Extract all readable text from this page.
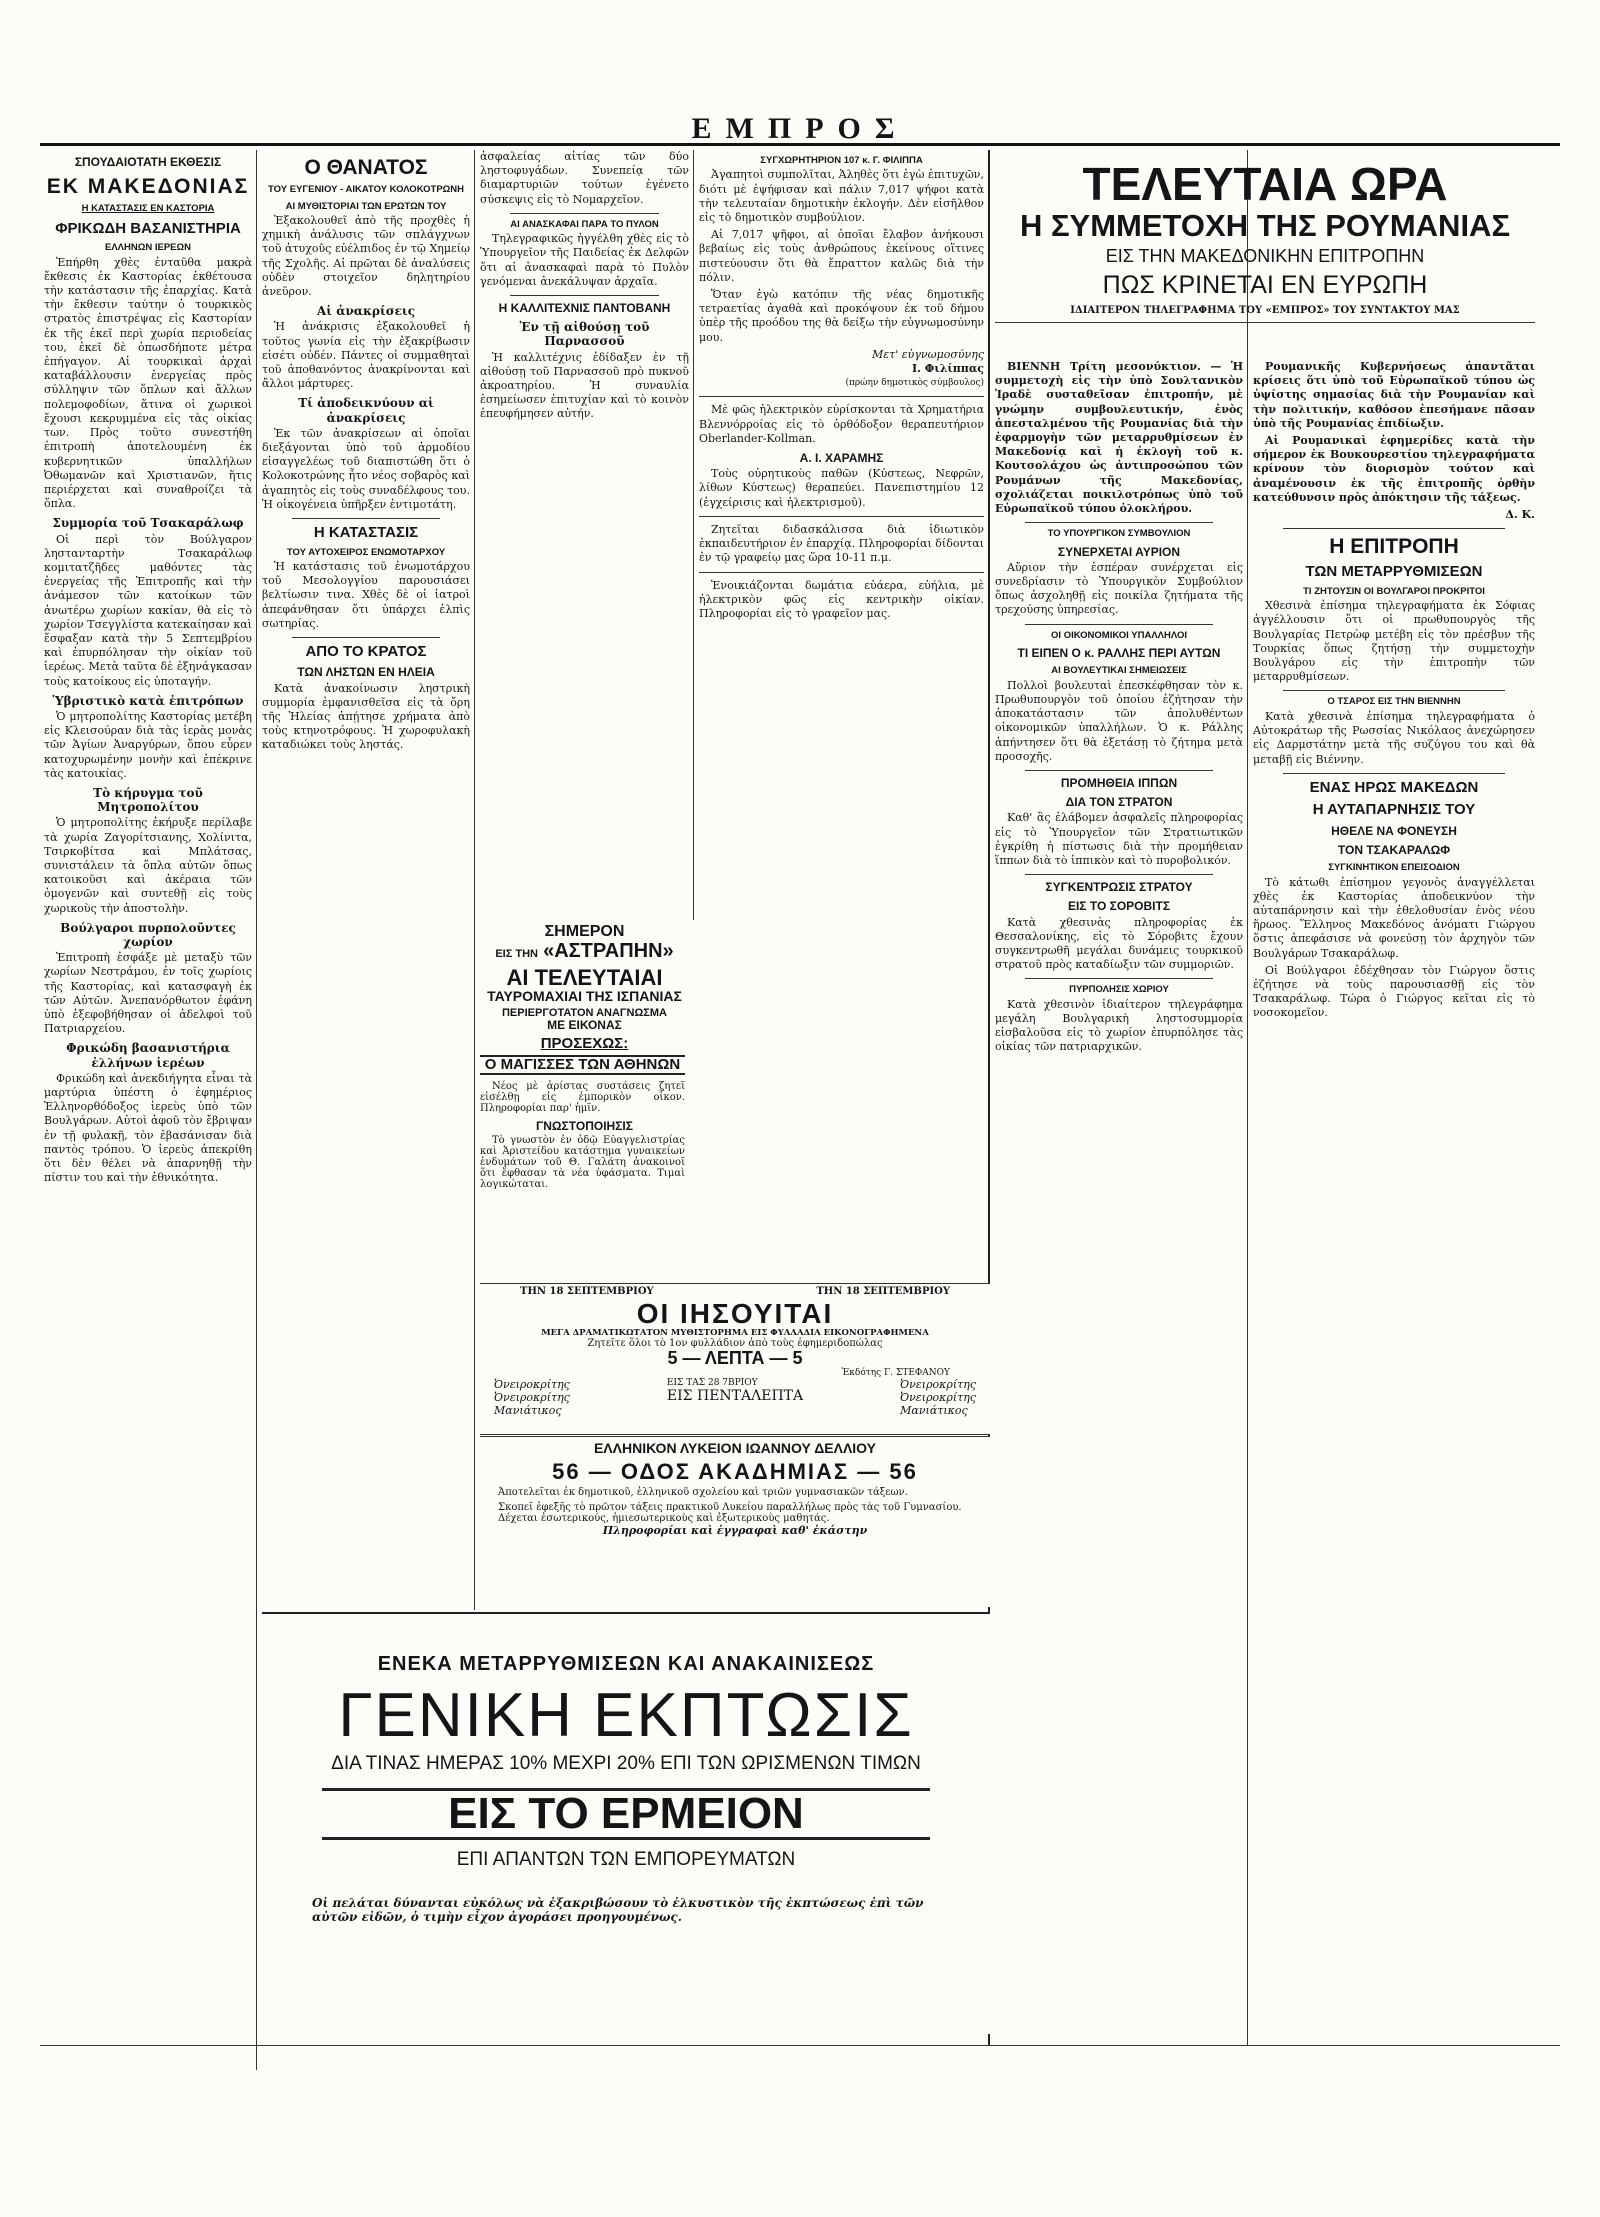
ΕΜΠΡΟΣ
ΣΠΟΥΔΑΙΟΤΑΤΗ ΕΚΘΕΣΙΣ
ΕΚ ΜΑΚΕΔΟΝΙΑΣ
Η ΚΑΤΑΣΤΑΣΙΣ ΕΝ ΚΑΣΤΟΡΙΑ
ΦΡΙΚΩΔΗ ΒΑΣΑΝΙΣΤΗΡΙΑ
ΕΛΛΗΝΩΝ ΙΕΡΕΩΝ

Ἐπήρθη χθὲς ἐνταῦθα μακρὰ ἔκθεσις ἐκ Καστορίας ἐκθέτουσα τὴν κατάστασιν τῆς ἐπαρχίας. Κατὰ τὴν ἔκθεσιν ταύτην ὁ τουρκικὸς στρατὸς ἐπιστρέψας εἰς Καστορίαν ἐκ τῆς ἐκεῖ περὶ χωρία περιοδείας του, ἐκεῖ δὲ ὁπωσδήποτε μέτρα ἐπήγαγον. Αἱ τουρκικαὶ ἀρχαὶ καταβάλλουσιν ἐνεργείας πρὸς σύλληψιν τῶν ὅπλων καὶ ἄλλων πολεμοφοδίων, ἅτινα οἱ χωρικοὶ ἔχουσι κεκρυμμένα εἰς τὰς οἰκίας των. Πρὸς τοῦτο συνεστήθη ἐπιτροπὴ ἀποτελουμένη ἐκ κυβερνητικῶν ὑπαλλήλων Ὀθωμανῶν καὶ Χριστιανῶν, ἥτις περιέρχεται καὶ συναθροίζει τὰ ὅπλα.

Συμμορία τοῦ Τσακαράλωφ

Οἱ περὶ τὸν Βούλγαρον ληστανταρτὴν Τσακαράλωφ κομιτατζῆδες μαθόντες τὰς ἐνεργείας τῆς Ἐπιτροπῆς καὶ τὴν ἀνάμεσον τῶν κατοίκων τῶν ἀνωτέρω χωρίων κακίαν, θὰ εἰς τὸ χωρίον Τσεγγλίστα κατεκαίησαν καὶ ἔσφαξαν κατὰ τὴν 5 Σεπτεμβρίου καὶ ἐπυρπόλησαν τὴν οἰκίαν τοῦ ἱερέως. Μετὰ ταῦτα δὲ ἐξηνάγκασαν τοὺς κατοίκους εἰς ὑποταγήν.

Ὑβριστικὸ κατὰ ἐπιτρόπων

Ὁ μητροπολίτης Καστορίας μετέβη εἰς Κλεισούραν διὰ τὰς ἱερὰς μονὰς τῶν Ἁγίων Ἀναργύρων, ὅπου εὗρεν κατοχυρωμένην μονὴν καὶ ἐπέκρινε τὰς κατοικίας.

Τὸ κήρυγμα τοῦ Μητροπολίτου

Ὁ μητροπολίτης ἐκήρυξε περίλαβε τὰ χωρία Ζαγορίτσιανης, Χολίνιτα, Τσιρκοβίτσα καὶ Μπλάτσας, συνιστάλειν τὰ ὅπλα αὐτῶν ὅπως κατοικοῦσι καὶ ἀκέραια τῶν ὁμογενῶν καὶ συντεθῇ εἰς τοὺς χωρικοὺς τὴν ἀποστολὴν.

Βούλγαροι πυρπολοῦντες χωρίον

Ἐπιτροπὴ ἐσφάξε μὲ μεταξὺ τῶν χωρίων Νεστράμου, ἐν τοῖς χωρίοις τῆς Καστορίας, καὶ κατασφαγὴ ἐκ τῶν Αὐτῶν. Ἀνεπανόρθωτον ἐφάνη ὑπὸ ἐξεφοβήθησαν οἱ ἀδελφοὶ τοῦ Πατριαρχείου.

Φρικώδη βασανιστήρια ἐλλήνων ἱερέων

Φρικώδη καὶ ἀνεκδιήγητα εἶναι τὰ μαρτύρια ὑπέστη ὁ ἐφημέριος Ἑλληνορθόδοξος ἱερεὺς ὑπὸ τῶν Βουλγάρων. Αὐτοὶ ἀφοῦ τὸν ἔβριψαν ἐν τῇ φυλακῇ, τὸν ἐβασάνισαν διὰ παντὸς τρόπου. Ὁ ἱερεὺς ἀπεκρίθη ὅτι δὲν θέλει νὰ ἀπαρνηθῇ τὴν πίστιν του καὶ τὴν ἐθνικότητα.

Ο ΘΑΝΑΤΟΣ
ΤΟΥ ΕΥΓΕΝΙΟΥ - ΑΙΚΑΤΟΥ ΚΟΛΟΚΟΤΡΩΝΗ
ΑΙ ΜΥΘΙΣΤΟΡΙΑΙ ΤΩΝ ΕΡΩΤΩΝ ΤΟΥ

Ἐξακολουθεῖ ἀπὸ τῆς προχθὲς ἡ χημικὴ ἀνάλυσις τῶν σπλάγχνων τοῦ ἀτυχοῦς εὐέλπιδος ἐν τῷ Χημείῳ τῆς Σχολῆς. Αἱ πρῶται δὲ ἀναλύσεις οὐδὲν στοιχεῖον δηλητηρίου ἀνεῦρον.

Αἱ ἀνακρίσεις

Ἡ ἀνάκρισις ἐξακολουθεῖ ἡ τοῦτος γωνία εἰς τὴν ἐξακρίβωσιν εἰσέτι οὐδέν. Πάντες οἱ συμμαθηταὶ τοῦ ἀποθανόντος ἀνακρίνονται καὶ ἄλλοι μάρτυρες.

Τί ἀποδεικνύουν αἱ ἀνακρίσεις

Ἐκ τῶν ἀνακρίσεων αἱ ὁποῖαι διεξάγονται ὑπὸ τοῦ ἀρμοδίου εἰσαγγελέως τοῦ διαπιστώθη ὅτι ὁ Κολοκοτρώνης ἦτο νέος σοβαρὸς καὶ ἀγαπητὸς εἰς τοὺς συναδέλφους του. Ἡ οἰκογένεια ὑπῆρξεν ἐντιμοτάτη.

Η ΚΑΤΑΣΤΑΣΙΣ
ΤΟΥ ΑΥΤΟΧΕΙΡΟΣ ΕΝΩΜΟΤΑΡΧΟΥ

Ἡ κατάστασις τοῦ ἐνωμοτάρχου τοῦ Μεσολογγίου παρουσιάσει βελτίωσιν τινα. Χθὲς δὲ οἱ ἰατροὶ ἀπεφάνθησαν ὅτι ὑπάρχει ἐλπὶς σωτηρίας.

ΑΠΟ ΤΟ ΚΡΑΤΟΣ
ΤΩΝ ΛΗΣΤΩΝ ΕΝ ΗΛΕΙΑ

Κατὰ ἀνακοίνωσιν ληστρικὴ συμμορία ἐμφανισθεῖσα εἰς τὰ ὄρη τῆς Ἠλείας ἀπῄτησε χρήματα ἀπὸ τοὺς κτηνοτρόφους. Ἡ χωροφυλακὴ καταδιώκει τοὺς ληστάς.

ἀσφαλείας αἰτίας τῶν δύο ληστοφυγάδων. Συνεπείᾳ τῶν διαμαρτυριῶν τούτων ἐγένετο σύσκεψις εἰς τὸ Νομαρχεῖον.

ΑΙ ΑΝΑΣΚΑΦΑΙ ΠΑΡΑ ΤΟ ΠΥΛΟΝ

Τηλεγραφικῶς ἠγγέλθη χθὲς εἰς τὸ Ὑπουργεῖον τῆς Παιδείας ἐκ Δελφῶν ὅτι αἱ ἀνασκαφαὶ παρὰ τὸ Πυλὸν γενόμεναι ἀνεκάλυψαν ἀρχαῖα.

Η ΚΑΛΛΙΤΕΧΝΙΣ ΠΑΝΤΟΒΑΝΗ
Ἐν τῇ αἰθούσῃ τοῦ Παρνασσοῦ

Ἡ καλλιτέχνις ἐδίδαξεν ἐν τῇ αἰθούσῃ τοῦ Παρνασσοῦ πρὸ πυκνοῦ ἀκροατηρίου. Ἡ συναυλία ἐσημείωσεν ἐπιτυχίαν καὶ τὸ κοινὸν ἐπευφήμησεν αὐτήν.

ΣΥΓΧΩΡΗΤΗΡΙΟΝ 107 κ. Γ. ΦΙΛΙΠΠΑ

Ἀγαπητοὶ συμπολῖται, Ἀληθὲς ὅτι ἐγὼ ἐπιτυχῶν, διότι μὲ ἐψήφισαν καὶ πάλιν 7,017 ψήφοι κατὰ τὴν τελευταίαν δημοτικὴν ἐκλογήν. Δὲν εἰσῆλθον εἰς τὸ δημοτικὸν συμβούλιον.

Αἱ 7,017 ψῆφοι, αἱ ὁποῖαι ἔλαβον ἀνήκουσι βεβαίως εἰς τοὺς ἀνθρώπους ἐκείνους οἵτινες πιστεύουσιν ὅτι θὰ ἔπραττον καλῶς διὰ τὴν πόλιν.

Ὅταν ἐγὼ κατόπιν τῆς νέας δημοτικῆς τετραετίας ἀγαθὰ καὶ προκόψουν ἐκ τοῦ δήμου ὑπὲρ τῆς προόδου της θὰ δείξω τὴν εὐγνωμοσύνην μου.

Μετ' εὐγνωμοσύνης
Ι. Φιλίππας
(πρώην δημοτικὸς σύμβουλος)

Μὲ φῶς ἠλεκτρικὸν εὐρίσκονται τὰ Χρηματήρια Βλεννόρροίας εἰς τὸ ὀρθόδοξον θεραπευτήριον Oberlander-Kollman.

Α. Ι. ΧΑΡΑΜΗΣ

Τοὺς οὐρητικοὺς παθῶν (Κύστεως, Νεφρῶν, λίθων Κύστεως) θεραπεύει. Πανεπιστημίου 12 (ἐγχείρισις καὶ ἠλεκτρισμοῦ).

Ζητεῖται διδασκάλισσα διὰ ἰδιωτικὸν ἐκπαιδευτήριον ἐν ἐπαρχίᾳ. Πληροφορίαι δίδονται ἐν τῷ γραφείῳ μας ὥρα 10-11 π.μ.

Ἐνοικιάζονται δωμάτια εὐάερα, εὐήλια, μὲ ἠλεκτρικὸν φῶς εἰς κεντρικὴν οἰκίαν. Πληροφορίαι εἰς τὸ γραφεῖον μας.

ΣΗΜΕΡΟΝ
ΕΙΣ ΤΗΝ «ΑΣΤΡΑΠΗΝ»
ΑΙ ΤΕΛΕΥΤΑΙΑΙ
ΤΑΥΡΟΜΑΧΙΑΙ ΤΗΣ ΙΣΠΑΝΙΑΣ
ΠΕΡΙΕΡΓΟΤΑΤΟΝ ΑΝΑΓΝΩΣΜΑ
ΜΕ ΕΙΚΟΝΑΣ
ΠΡΟΣΕΧΩΣ:
Ο ΜΑΓΙΣΣΕΣ ΤΩΝ ΑΘΗΝΩΝ

Νέος μὲ ἀρίστας συστάσεις ζητεῖ εἰσέλθῃ εἰς ἐμπορικὸν οἶκον. Πληροφορίαι παρ' ἡμῖν.

ΓΝΩΣΤΟΠΟΙΗΣΙΣ

Τὸ γνωστὸν ἐν ὁδῷ Εὐαγγελιστρίας καὶ Ἀριστείδου κατάστημα γυναικείων ἐνδυμάτων τοῦ Θ. Γαλάτη ἀνακοινοῖ ὅτι ἔφθασαν τὰ νέα ὑφάσματα. Τιμαὶ λογικώταται.

ΤΗΝ 18 ΣΕΠΤΕΜΒΡΙΟΥ	ΤΗΝ 18 ΣΕΠΤΕΜΒΡΙΟΥ
ΟΙ ΙΗΣΟΥΙΤΑΙ
ΜΕΓΑ ΔΡΑΜΑΤΙΚΩΤΑΤΟΝ ΜΥΘΙΣΤΟΡΗΜΑ ΕΙΣ ΦΥΛΛΑΔΙΑ ΕΙΚΟΝΟΓΡΑΦΗΜΕΝΑ
Ζητεῖτε ὅλοι τὸ 1ον φυλλάδιον ἀπὸ τοὺς ἐφημεριδοπώλας
5 — ΛΕΠΤΑ — 5
Ἐκδότης Γ. ΣΤΕΦΑΝΟΥ
Ὀνειροκρίτης
Ὀνειροκρίτης
Μανιάτικος
ΕΙΣ ΤΑΣ 28 7ΒΡΙΟΥ
ΕΙΣ ΠΕΝΤΑΛΕΠΤΑ
Ὀνειροκρίτης
Ὀνειροκρίτης
Μανιάτικος
ΕΛΛΗΝΙΚΟΝ ΛΥΚΕΙΟΝ ΙΩΑΝΝΟΥ ΔΕΛΛΙΟΥ
56 — ΟΔΟΣ ΑΚΑΔΗΜΙΑΣ — 56
Ἀποτελεῖται ἐκ δημοτικοῦ, ἑλληνικοῦ σχολείου καὶ τριῶν γυμνασιακῶν τάξεων.
Σκοπεῖ ἐφεξῆς τὸ πρῶτον τάξεις πρακτικοῦ Λυκείου παραλλήλως πρὸς τὰς τοῦ Γυμνασίου.
Δέχεται ἐσωτερικούς, ἡμιεσωτερικοὺς καὶ ἐξωτερικοὺς μαθητάς.
Πληροφορίαι καὶ ἐγγραφαὶ καθ' ἑκάστην
ΕΝΕΚΑ ΜΕΤΑΡΡΥΘΜΙΣΕΩΝ ΚΑΙ ΑΝΑΚΑΙΝΙΣΕΩΣ
ΓΕΝΙΚΗ ΕΚΠΤΩΣΙΣ
ΔΙΑ ΤΙΝΑΣ ΗΜΕΡΑΣ 10% ΜΕΧΡΙ 20% ΕΠΙ ΤΩΝ ΩΡΙΣΜΕΝΩΝ ΤΙΜΩΝ
ΕΙΣ ΤΟ ΕΡΜΕΙΟΝ
ΕΠΙ ΑΠΑΝΤΩΝ ΤΩΝ ΕΜΠΟΡΕΥΜΑΤΩΝ
Οἱ πελάται δύνανται εὐκόλως νὰ ἐξακριβώσουν τὸ ἐλκυστικὸν τῆς ἐκπτώσεως ἐπὶ τῶν αὐτῶν εἰδῶν, ὁ τιμὴν εἶχον ἀγοράσει προηγουμένως.
ΤΕΛΕΥΤΑΙΑ ΩΡΑ
Η ΣΥΜΜΕΤΟΧΗ ΤΗΣ ΡΟΥΜΑΝΙΑΣ
ΕΙΣ ΤΗΝ ΜΑΚΕΔΟΝΙΚΗΝ ΕΠΙΤΡΟΠΗΝ
ΠΩΣ ΚΡΙΝΕΤΑΙ ΕΝ ΕΥΡΩΠΗ
ΙΔΙΑΙΤΕΡΟΝ ΤΗΛΕΓΡΑΦΗΜΑ ΤΟΥ «ΕΜΠΡΟΣ» ΤΟΥ ΣΥΝΤΑΚΤΟΥ ΜΑΣ

ΒΙΕΝΝΗ Τρίτη μεσονύκτιον. — Ἡ συμμετοχὴ εἰς τὴν ὑπὸ Σουλτανικὸν Ἰραδὲ συσταθεῖσαν ἐπιτροπήν, μὲ γνώμην συμβουλευτικήν, ἑνὸς ἀπεσταλμένου τῆς Ρουμανίας διὰ τὴν ἐφαρμογὴν τῶν μεταρρυθμίσεων ἐν Μακεδονίᾳ καὶ ἡ ἐκλογὴ τοῦ κ. Κουτσολάχου ὡς ἀντιπροσώπου τῶν Ρουμάνων τῆς Μακεδονίας, σχολιάζεται ποικιλοτρόπως ὑπὸ τοῦ Εὐρωπαϊκοῦ τύπου ὁλοκλήρου.

ΤΟ ΥΠΟΥΡΓΙΚΟΝ ΣΥΜΒΟΥΛΙΟΝ
ΣΥΝΕΡΧΕΤΑΙ ΑΥΡΙΟΝ

Αὔριον τὴν ἑσπέραν συνέρχεται εἰς συνεδρίασιν τὸ Ὑπουργικὸν Συμβούλιον ὅπως ἀσχοληθῇ εἰς ποικίλα ζητήματα τῆς τρεχούσης ὑπηρεσίας.

ΟΙ ΟΙΚΟΝΟΜΙΚΟΙ ΥΠΑΛΛΗΛΟΙ
ΤΙ ΕΙΠΕΝ Ο κ. ΡΑΛΛΗΣ ΠΕΡΙ ΑΥΤΩΝ
ΑΙ ΒΟΥΛΕΥΤΙΚΑΙ ΣΗΜΕΙΩΣΕΙΣ

Πολλοὶ βουλευταὶ ἐπεσκέφθησαν τὸν κ. Πρωθυπουργὸν τοῦ ὁποίου ἐζήτησαν τὴν ἀποκατάστασιν τῶν ἀπολυθέντων οἰκονομικῶν ὑπαλλήλων. Ὁ κ. Ράλλης ἀπήντησεν ὅτι θὰ ἐξετάσῃ τὸ ζήτημα μετὰ προσοχῆς.

ΠΡΟΜΗΘΕΙΑ ΙΠΠΩΝ
ΔΙΑ ΤΟΝ ΣΤΡΑΤΟΝ

Καθ' ἃς ἐλάβομεν ἀσφαλεῖς πληροφορίας εἰς τὸ Ὑπουργεῖον τῶν Στρατιωτικῶν ἐγκρίθη ἡ πίστωσις διὰ τὴν προμήθειαν ἵππων διὰ τὸ ἱππικὸν καὶ τὸ πυροβολικόν.

ΣΥΓΚΕΝΤΡΩΣΙΣ ΣΤΡΑΤΟΥ
ΕΙΣ ΤΟ ΣΟΡΟΒΙΤΣ

Κατὰ χθεσινὰς πληροφορίας ἐκ Θεσσαλονίκης, εἰς τὸ Σόροβιτς ἔχουν συγκεντρωθῆ μεγάλαι δυνάμεις τουρκικοῦ στρατοῦ πρὸς καταδίωξιν τῶν συμμοριῶν.

ΠΥΡΠΟΛΗΣΙΣ ΧΩΡΙΟΥ

Κατὰ χθεσινὸν ἰδιαίτερον τηλεγράφημα μεγάλη Βουλγαρικὴ ληστοσυμμορία εἰσβαλοῦσα εἰς τὸ χωρίον ἐπυρπόλησε τὰς οἰκίας τῶν πατριαρχικῶν.

Ρουμανικῆς Κυβερνήσεως ἀπαντᾶται κρίσεις ὅτι ὑπὸ τοῦ Εὐρωπαϊκοῦ τύπου ὡς ὑψίστης σημασίας διὰ τὴν Ρουμανίαν καὶ τὴν πολιτικήν, καθόσον ἐπεσήμανε πᾶσαν ὑπὸ τῆς Ρουμανίας ἐπιδίωξιν.

Αἱ Ρουμανικαὶ ἐφημερίδες κατὰ τὴν σήμερον ἐκ Βουκουρεστίου τηλεγραφήματα κρίνουν τὸν διορισμὸν τούτον καὶ ἀναμένουσιν ἐκ τῆς ἐπιτροπῆς ὀρθὴν κατεύθυνσιν πρὸς ἀπόκτησιν τῆς τάξεως.

Δ. Κ.
Η ΕΠΙΤΡΟΠΗ
ΤΩΝ ΜΕΤΑΡΡΥΘΜΙΣΕΩΝ
ΤΙ ΖΗΤΟΥΣΙΝ ΟΙ ΒΟΥΛΓΑΡΟΙ ΠΡΟΚΡΙΤΟΙ

Χθεσινὰ ἐπίσημα τηλεγραφήματα ἐκ Σόφιας ἀγγέλλουσιν ὅτι οἱ πρωθυπουργὸς τῆς Βουλγαρίας Πετρὼφ μετέβη εἰς τὸν πρέσβυν τῆς Τουρκίας ὅπως ζητήσῃ τὴν συμμετοχὴν Βουλγάρου εἰς τὴν ἐπιτροπὴν τῶν μεταρρυθμίσεων.

Ο ΤΣΑΡΟΣ ΕΙΣ ΤΗΝ ΒΙΕΝΝΗΝ

Κατὰ χθεσινὰ ἐπίσημα τηλεγραφήματα ὁ Αὐτοκράτωρ τῆς Ρωσσίας Νικόλαος ἀνεχώρησεν εἰς Δαρμστάτην μετὰ τῆς συζύγου του καὶ θὰ μεταβῇ εἰς Βιέννην.

ΕΝΑΣ ΗΡΩΣ ΜΑΚΕΔΩΝ
Η ΑΥΤΑΠΑΡΝΗΣΙΣ ΤΟΥ
ΗΘΕΛΕ ΝΑ ΦΟΝΕΥΣΗ
ΤΟΝ ΤΣΑΚΑΡΑΛΩΦ
ΣΥΓΚΙΝΗΤΙΚΟΝ ΕΠΕΙΣΟΔΙΟΝ

Τὸ κάτωθι ἐπίσημον γεγονὸς ἀναγγέλλεται χθὲς ἐκ Καστορίας ἀποδεικνύον τὴν αὐταπάρνησιν καὶ τὴν ἐθελοθυσίαν ἑνὸς νέου ἥρωος. Ἕλληνος Μακεδόνος ἀνόματι Γιώργου ὅστις ἀπεφάσισε νὰ φονεύσῃ τὸν ἀρχηγὸν τῶν Βουλγάρων Τσακαράλωφ.

Οἱ Βούλγαροι ἐδέχθησαν τὸν Γιώργον ὅστις ἐζήτησε νὰ τοὺς παρουσιασθῇ εἰς τὸν Τσακαράλωφ. Τώρα ὁ Γιώργος κεῖται εἰς τὸ νοσοκομεῖον.
